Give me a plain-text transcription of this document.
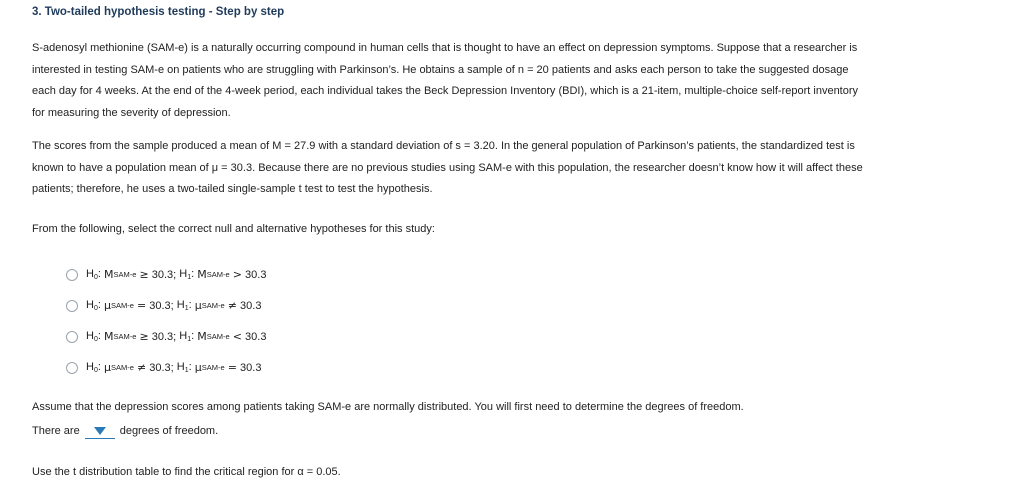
3. Two-tailed hypothesis testing - Step by step
S-adenosyl methionine (SAM-e) is a naturally occurring compound in human cells that is thought to have an effect on depression symptoms. Suppose that a researcher is interested in testing SAM-e on patients who are struggling with Parkinson’s. He obtains a sample of n = 20 patients and asks each person to take the suggested dosage each day for 4 weeks. At the end of the 4-week period, each individual takes the Beck Depression Inventory (BDI), which is a 21-item, multiple-choice self-report inventory for measuring the severity of depression.
The scores from the sample produced a mean of M = 27.9 with a standard deviation of s = 3.20. In the general population of Parkinson’s patients, the standardized test is known to have a population mean of μ = 30.3. Because there are no previous studies using SAM-e with this population, the researcher doesn’t know how it will affect these patients; therefore, he uses a two-tailed single-sample t test to test the hypothesis.
From the following, select the correct null and alternative hypotheses for this study:
$H_0$: M SAM-e
≥
30.3;
$H_1$: M SAM-e
>
30.3
$H_0$: μ SAM-e
=
30.3;
$H_1$: μ SAM-e
≠
30.3
$H_0$: M SAM-e
≥
30.3;
$H_1$: M SAM-e
<
30.3
$H_0$: μ SAM-e
≠
30.3;
$H_1$: μ SAM-e
=
30.3
Assume that the depression scores among patients taking SAM-e are normally distributed. You will first need to determine the degrees of freedom.
There are	degrees of freedom.
Use the t distribution table to find the critical region for α = 0.05.
